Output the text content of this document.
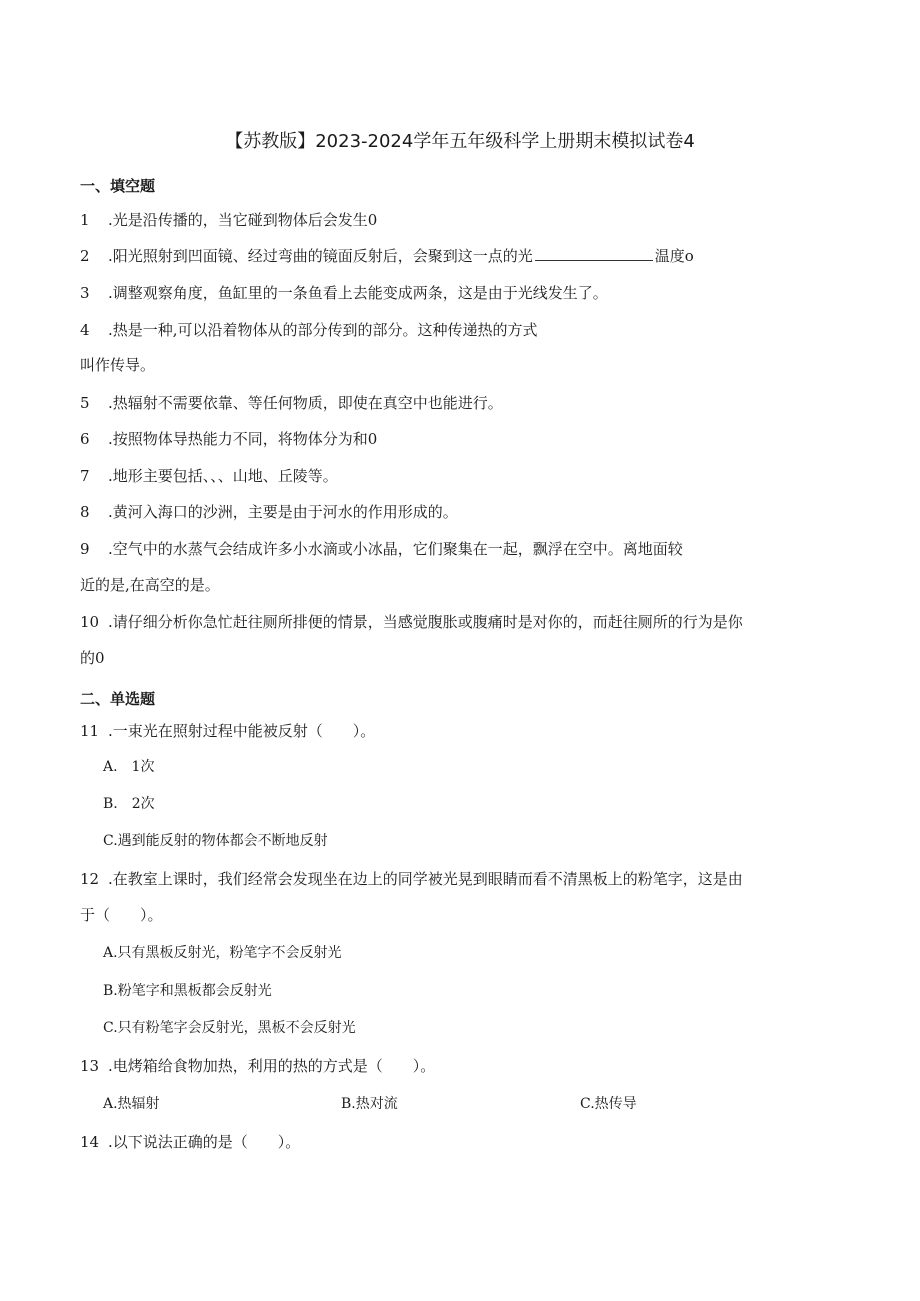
【苏教版】2023-2024学年五年级科学上册期末模拟试卷4
一、填空题
1 .光是沿传播的，当它碰到物体后会发生0
2 .阳光照射到凹面镜、经过弯曲的镜面反射后，会聚到这一点的光	温度o
3 .调整观察角度，鱼缸里的一条鱼看上去能变成两条，这是由于光线发生了。
4 .热是一种,可以沿着物体从的部分传到的部分。这种传递热的方式
叫作传导。
5 .热辐射不需要依靠、等任何物质，即使在真空中也能进行。
6 .按照物体导热能力不同，将物体分为和0
7 .地形主要包括、、、山地、丘陵等。
8 .黄河入海口的沙洲，主要是由于河水的作用形成的。
9 .空气中的水蒸气会结成许多小水滴或小冰晶，它们聚集在一起，飘浮在空中。离地面较
近的是,在高空的是。
10 .请仔细分析你急忙赶往厕所排便的情景，当感觉腹胀或腹痛时是对你的，而赶往厕所的行为是你
的0
二、单选题
11 .一束光在照射过程中能被反射（　　）。
A.　1次
B.　2次
C.遇到能反射的物体都会不断地反射
12 .在教室上课时，我们经常会发现坐在边上的同学被光晃到眼睛而看不清黑板上的粉笔字，这是由
于（　　）。
A.只有黑板反射光，粉笔字不会反射光
B.粉笔字和黑板都会反射光
C.只有粉笔字会反射光，黑板不会反射光
13 .电烤箱给食物加热，利用的热的方式是（　　）。
A.热辐射	B.热对流	C.热传导
14 .以下说法正确的是（　　）。
